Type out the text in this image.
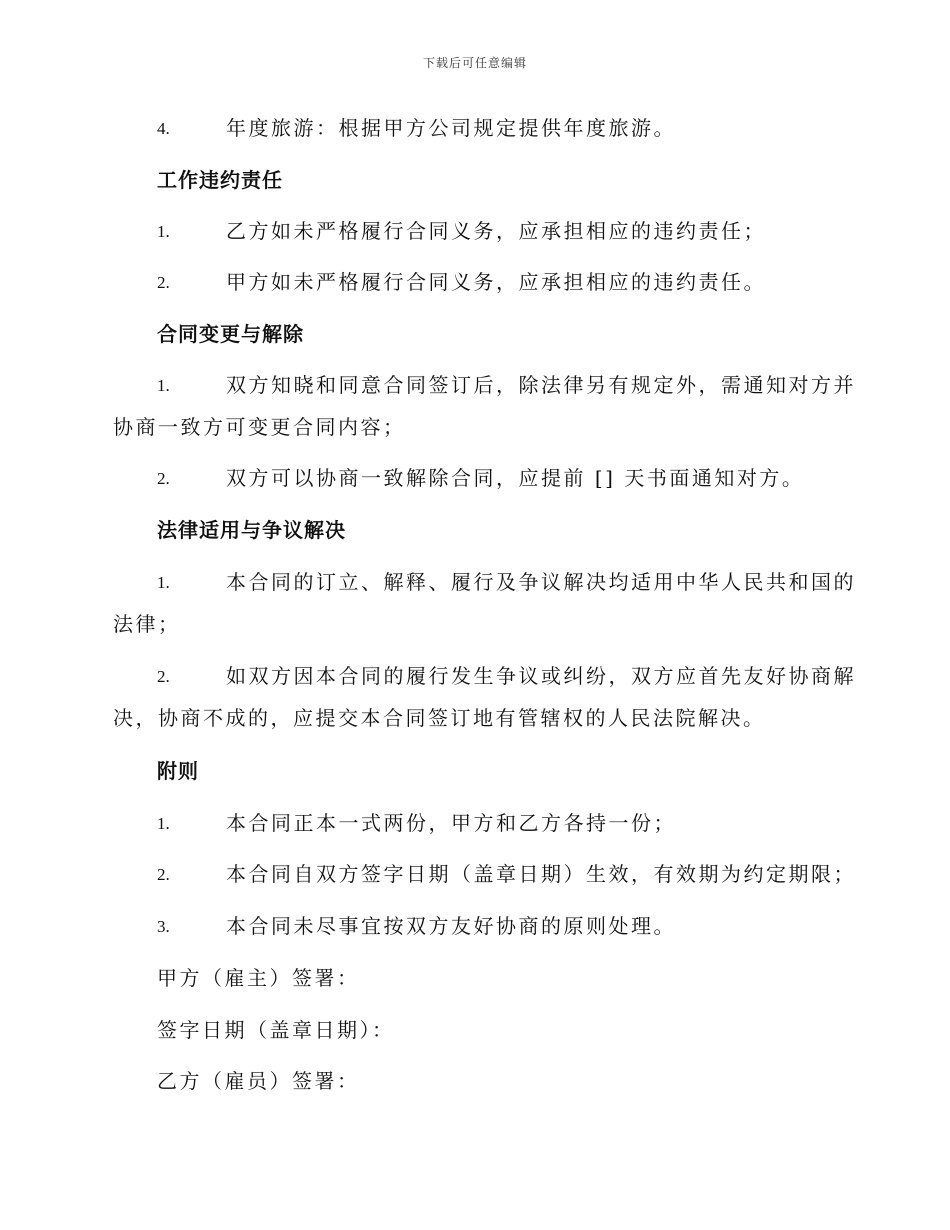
下载后可任意编辑
4.	年度旅游：根据甲方公司规定提供年度旅游。
工作违约责任
1.	乙方如未严格履行合同义务，应承担相应的违约责任；
2.	甲方如未严格履行合同义务，应承担相应的违约责任。
合同变更与解除
1.	双方知晓和同意合同签订后，除法律另有规定外，需通知对方并
协商一致方可变更合同内容；
2.	双方可以协商一致解除合同，应提前 [] 天书面通知对方。
法律适用与争议解决
1.	本合同的订立、解释、履行及争议解决均适用中华人民共和国的
法律；
2.	如双方因本合同的履行发生争议或纠纷，双方应首先友好协商解
决，协商不成的，应提交本合同签订地有管辖权的人民法院解决。
附则
1.	本合同正本一式两份，甲方和乙方各持一份；
2.	本合同自双方签字日期（盖章日期）生效，有效期为约定期限；
3.	本合同未尽事宜按双方友好协商的原则处理。
甲方（雇主）签署：
签字日期（盖章日期）：
乙方（雇员）签署：
